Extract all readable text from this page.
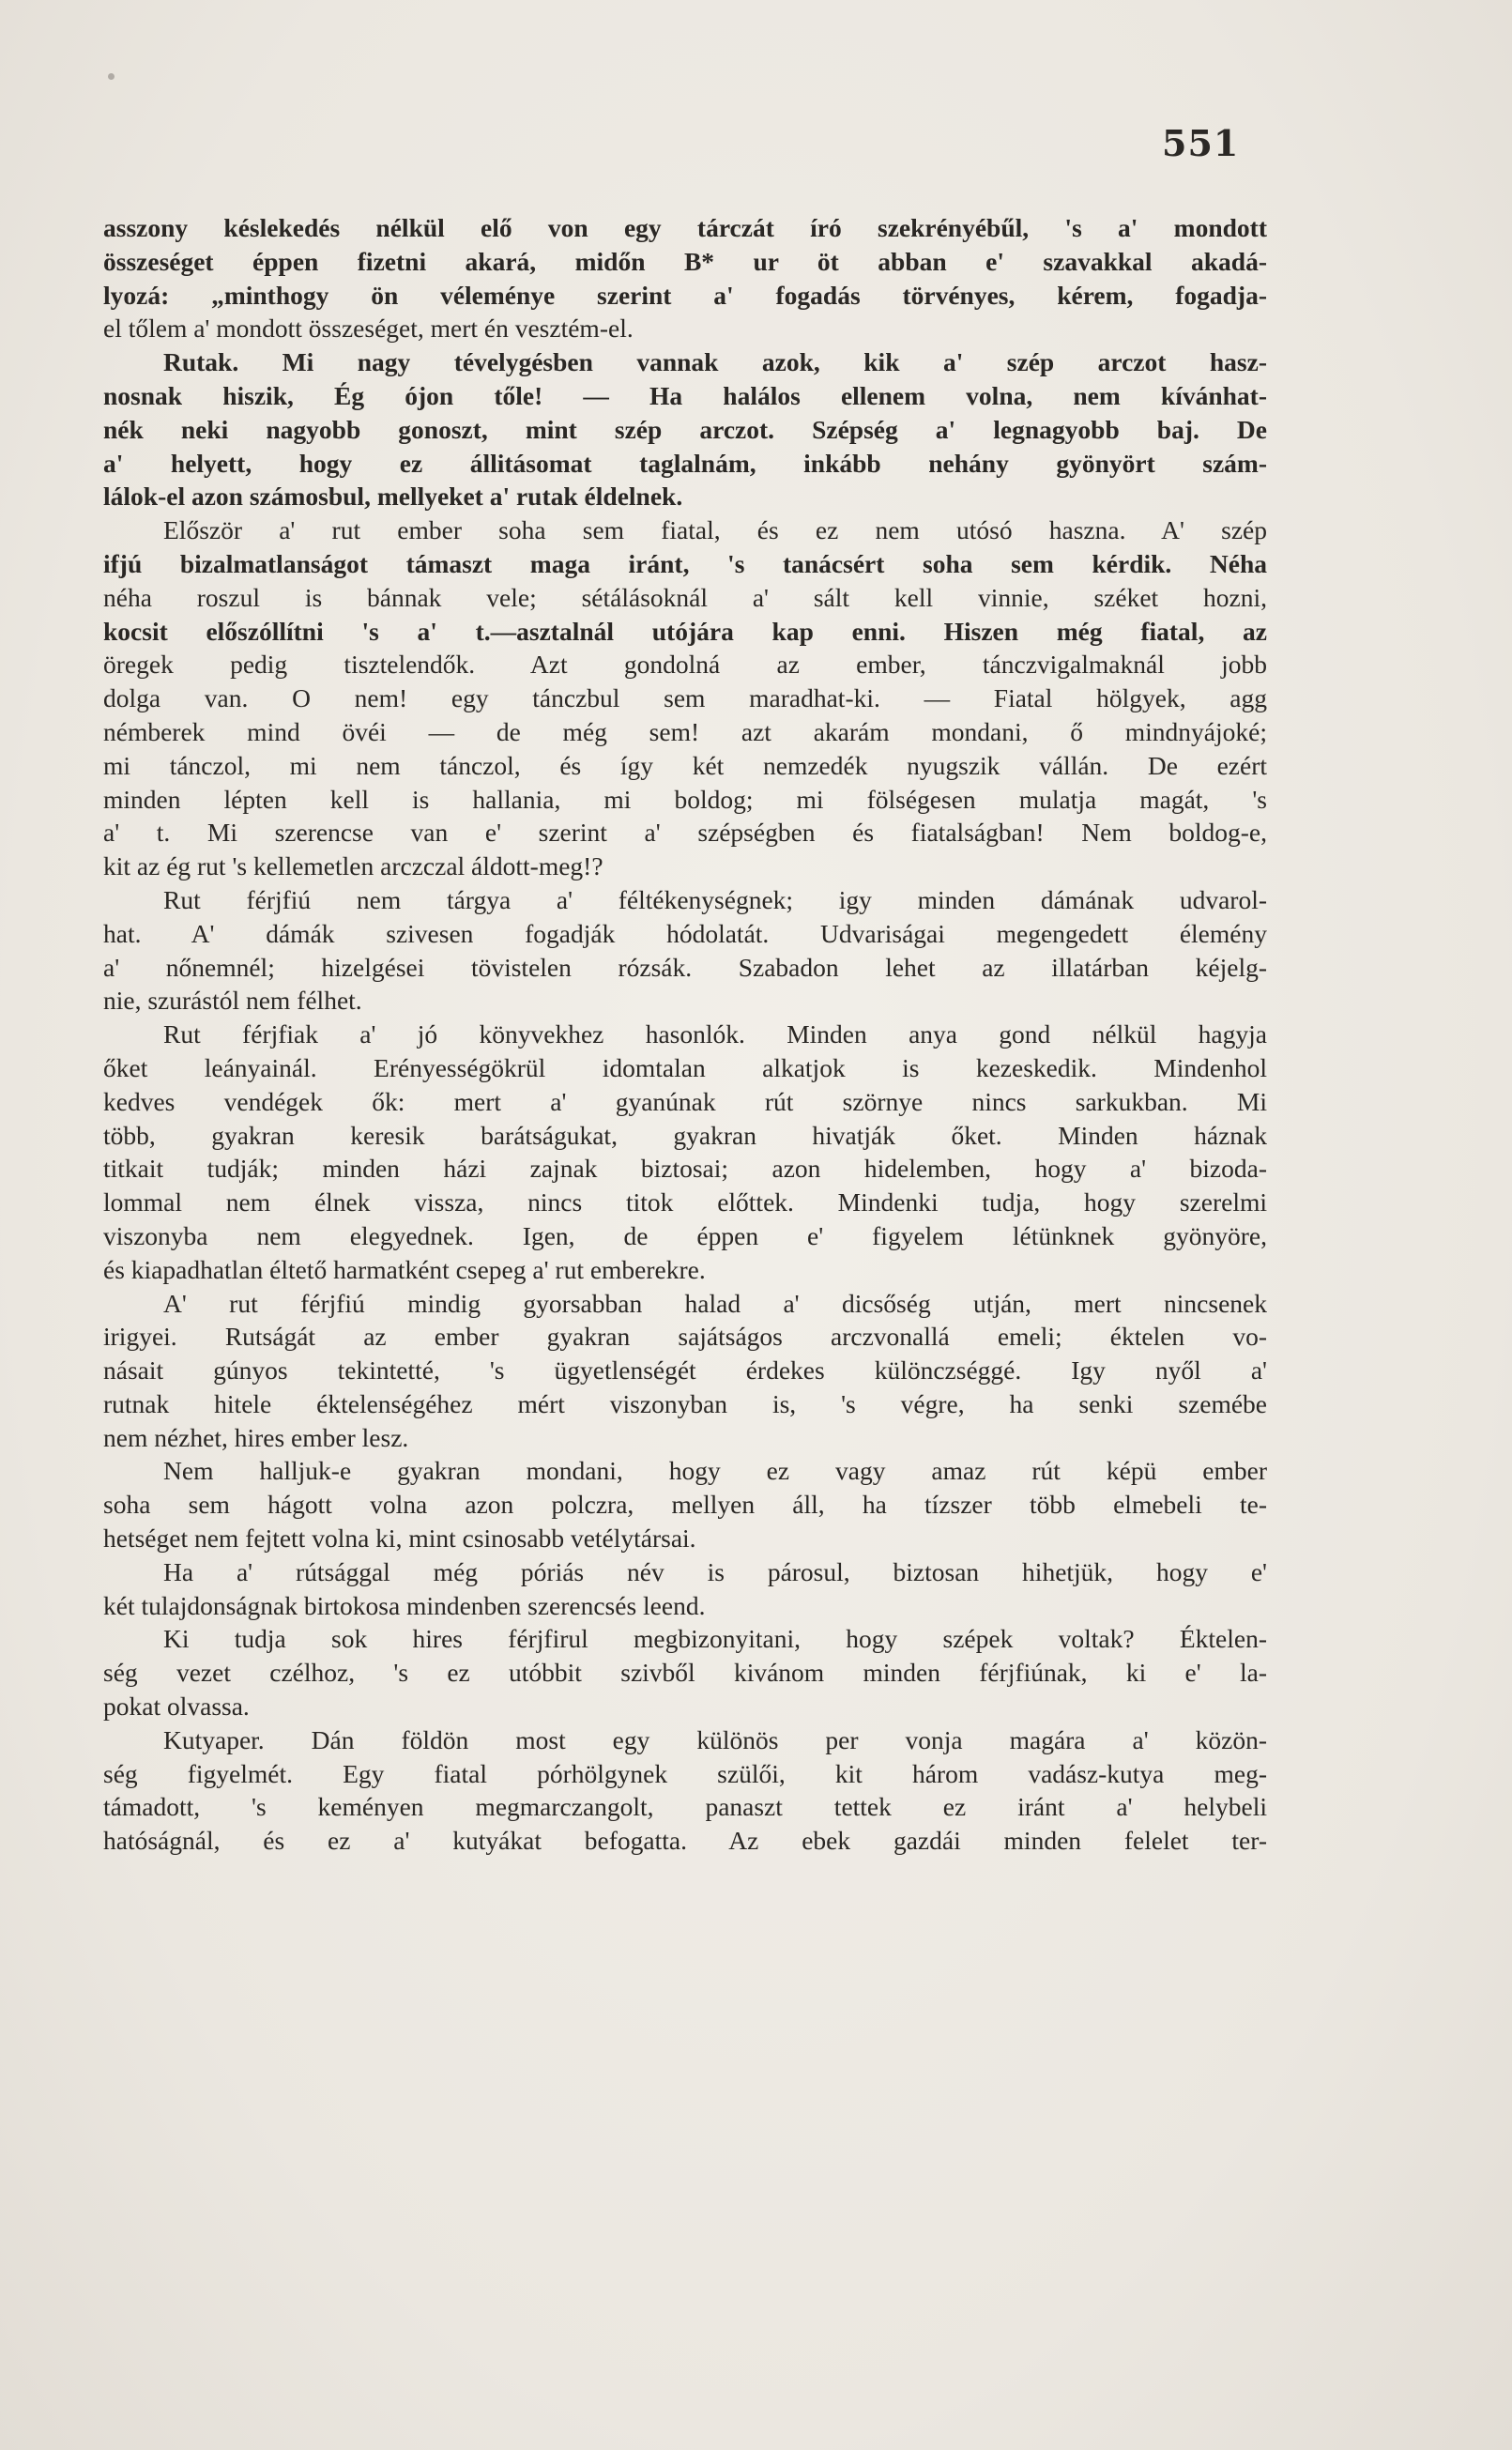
551
asszony késlekedés nélkül elő von egy tárczát író szekrényébűl, 's a' mondott
összeséget éppen fizetni akará, midőn B* ur öt abban e' szavakkal akadá-
lyozá: „minthogy ön véleménye szerint a' fogadás törvényes, kérem, fogadja-
el tőlem a' mondott összeséget, mert én vesztém-el.
Rutak. Mi nagy tévelygésben vannak azok, kik a' szép arczot hasz-
nosnak hiszik, Ég ójon tőle! — Ha halálos ellenem volna, nem kívánhat-
nék neki nagyobb gonoszt, mint szép arczot. Szépség a' legnagyobb baj. De
a' helyett, hogy ez állitásomat taglalnám, inkább nehány gyönyört szám-
lálok-el azon számosbul, mellyeket a' rutak éldelnek.
Először a' rut ember soha sem fiatal, és ez nem utósó haszna. A' szép
ifjú bizalmatlanságot támaszt maga iránt, 's tanácsért soha sem kérdik. Néha
néha roszul is bánnak vele; sétálásoknál a' sált kell vinnie, széket hozni,
kocsit előszóllítni 's a' t.—asztalnál utójára kap enni. Hiszen még fiatal, az
öregek pedig tisztelendők. Azt gondolná az ember, tánczvigalmaknál jobb
dolga van. O nem! egy tánczbul sem maradhat-ki. — Fiatal hölgyek, agg
némberek mind övéi — de még sem! azt akarám mondani, ő mindnyájoké;
mi tánczol, mi nem tánczol, és így két nemzedék nyugszik vállán. De ezért
minden lépten kell is hallania, mi boldog; mi fölségesen mulatja magát, 's
a' t. Mi szerencse van e' szerint a' szépségben és fiatalságban! Nem boldog-e,
kit az ég rut 's kellemetlen arczczal áldott-meg!?
Rut férjfiú nem tárgya a' féltékenységnek; igy minden dámának udvarol-
hat. A' dámák szivesen fogadják hódolatát. Udvariságai megengedett élemény
a' nőnemnél; hizelgései tövistelen rózsák. Szabadon lehet az illatárban kéjelg-
nie, szurástól nem félhet.
Rut férjfiak a' jó könyvekhez hasonlók. Minden anya gond nélkül hagyja
őket leányainál. Erényességökrül idomtalan alkatjok is kezeskedik. Mindenhol
kedves vendégek ők: mert a' gyanúnak rút szörnye nincs sarkukban. Mi
több, gyakran keresik barátságukat, gyakran hivatják őket. Minden háznak
titkait tudják; minden házi zajnak biztosai; azon hidelemben, hogy a' bizoda-
lommal nem élnek vissza, nincs titok előttek. Mindenki tudja, hogy szerelmi
viszonyba nem elegyednek. Igen, de éppen e' figyelem létünknek gyönyöre,
és kiapadhatlan éltető harmatként csepeg a' rut emberekre.
A' rut férjfiú mindig gyorsabban halad a' dicsőség utján, mert nincsenek
irigyei. Rutságát az ember gyakran sajátságos arczvonallá emeli; éktelen vo-
násait gúnyos tekintetté, 's ügyetlenségét érdekes különczséggé. Igy nyől a'
rutnak hitele éktelenségéhez mért viszonyban is, 's végre, ha senki szemébe
nem nézhet, hires ember lesz.
Nem halljuk-e gyakran mondani, hogy ez vagy amaz rút képü ember
soha sem hágott volna azon polczra, mellyen áll, ha tízszer több elmebeli te-
hetséget nem fejtett volna ki, mint csinosabb vetélytársai.
Ha a' rútsággal még póriás név is párosul, biztosan hihetjük, hogy e'
két tulajdonságnak birtokosa mindenben szerencsés leend.
Ki tudja sok hires férjfirul megbizonyitani, hogy szépek voltak? Éktelen-
ség vezet czélhoz, 's ez utóbbit szivből kivánom minden férjfiúnak, ki e' la-
pokat olvassa.
Kutyaper. Dán földön most egy különös per vonja magára a' közön-
ség figyelmét. Egy fiatal pórhölgynek szülői, kit három vadász-kutya meg-
támadott, 's keményen megmarczangolt, panaszt tettek ez iránt a' helybeli
hatóságnál, és ez a' kutyákat befogatta. Az ebek gazdái minden felelet ter-
